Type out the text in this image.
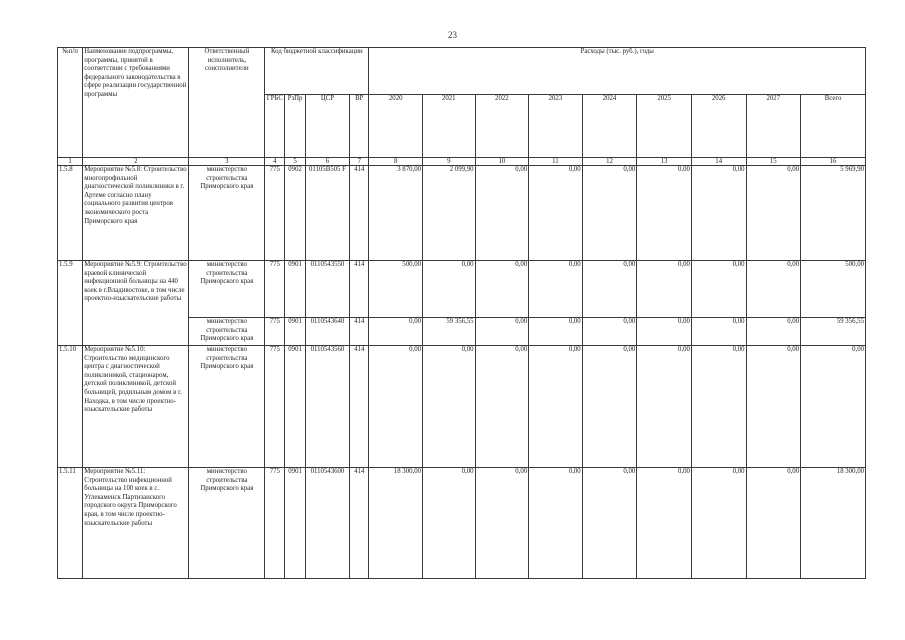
23
№п/п	Наименование подпрограммы, программы, принятой в соответствии с требованиями федерального законодательства в сфере реализации государственной программы	Ответственный исполнитель, соисполнители	Код бюджетной классификации				Расходы (тыс. руб.), годы								
			ГРБС	РзПр	ЦСР	ВР	2020	2021	2022	2023	2024	2025	2026	2027	Всего
1	2	3	4	5	6	7	8	9	10	11	12	13	14	15	16
1.5.8	Мероприятие №5.8: Строительство многопрофильной диагностической поликлиники в г. Артеме согласно плану социального развития центров экономического роста Приморского края	министерство строительства Приморского края	775	0902	01105В505 F	414	3 870,00	2 099,90	0,00	0,00	0,00	0,00	0,00	0,00	5 969,90
1.5.9	Мероприятие №5.9: Строительство краевой клинической инфекционной больницы на 440 коек в г.Владивостоке, в том числе проектно-изыскательские работы	министерство строительства Приморского края	775	0901	0110543550	414	500,00	0,00	0,00	0,00	0,00	0,00	0,00	0,00	500,00
		министерство строительства Приморского края	775	0901	0110543640	414	0,00	59 356,55	0,00	0,00	0,00	0,00	0,00	0,00	59 356,55
1.5.10	Мероприятие №5.10: Строительство медицинского центра с диагностической поликлиникой, стационаром, детской поликлиникой, детской больницей, родильным домом в г. Находка, в том числе проектно-изыскательские работы	министерство строительства Приморского края	775	0901	0110543560	414	0,00	0,00	0,00	0,00	0,00	0,00	0,00	0,00	0,00
1.5.11	Мероприятие №5.11: Строительство инфекционной больницы на 100 коек в с. Углекаменск Партизанского городского округа Приморского края, в том числе проектно-изыскательские работы	министерство строительства Приморского края	775	0901	0110543600	414	18 300,00	0,00	0,00	0,00	0,00	0,00	0,00	0,00	18 300,00
